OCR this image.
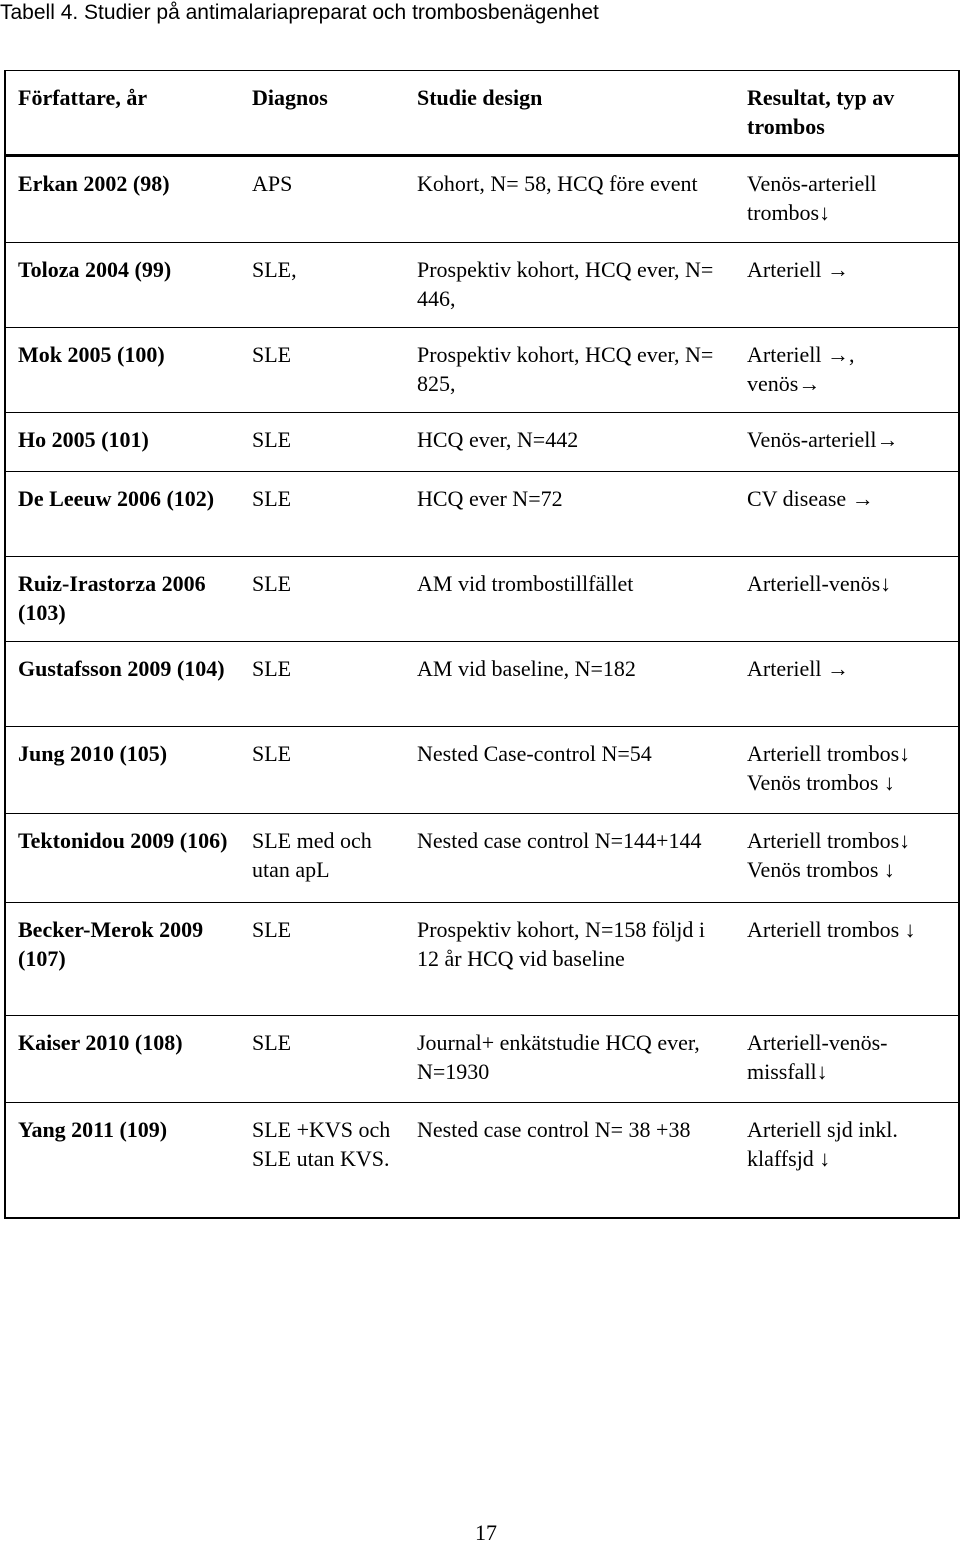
Tabell 4. Studier på antimalariapreparat och trombosbenägenhet
Författare, år	Diagnos	Studie design	Resultat, typ av trombos
Erkan 2002 (98)	APS	Kohort, N= 58, HCQ före event	Venös-arteriell trombos↓

Toloza 2004 (99)	SLE,	Prospektiv kohort, HCQ ever, N= 446,	Arteriell →

Mok 2005 (100)	SLE	Prospektiv kohort, HCQ ever, N= 825,	Arteriell →,
venös→

Ho 2005 (101)	SLE	HCQ ever, N=442	Venös-arteriell→

De Leeuw 2006 (102)	SLE	HCQ ever N=72	CV disease →

Ruiz-Irastorza 2006 (103)	SLE	AM vid trombostillfället	Arteriell-venös↓

Gustafsson 2009 (104)	SLE	AM vid baseline, N=182	Arteriell →

Jung 2010 (105)	SLE	Nested Case-control N=54	Arteriell trombos↓
Venös trombos ↓

Tektonidou 2009 (106)	SLE med och utan apL	Nested case control N=144+144	Arteriell trombos↓
Venös trombos ↓

Becker-Merok 2009 (107)	SLE	Prospektiv kohort, N=158 följd i 12 år HCQ vid baseline	Arteriell trombos ↓

Kaiser 2010 (108)	SLE	Journal+ enkätstudie HCQ ever, N=1930	Arteriell-venös-missfall↓

Yang 2011 (109)	SLE +KVS och SLE utan KVS.	Nested case control N= 38 +38	Arteriell sjd inkl.
klaffsjd ↓
17
